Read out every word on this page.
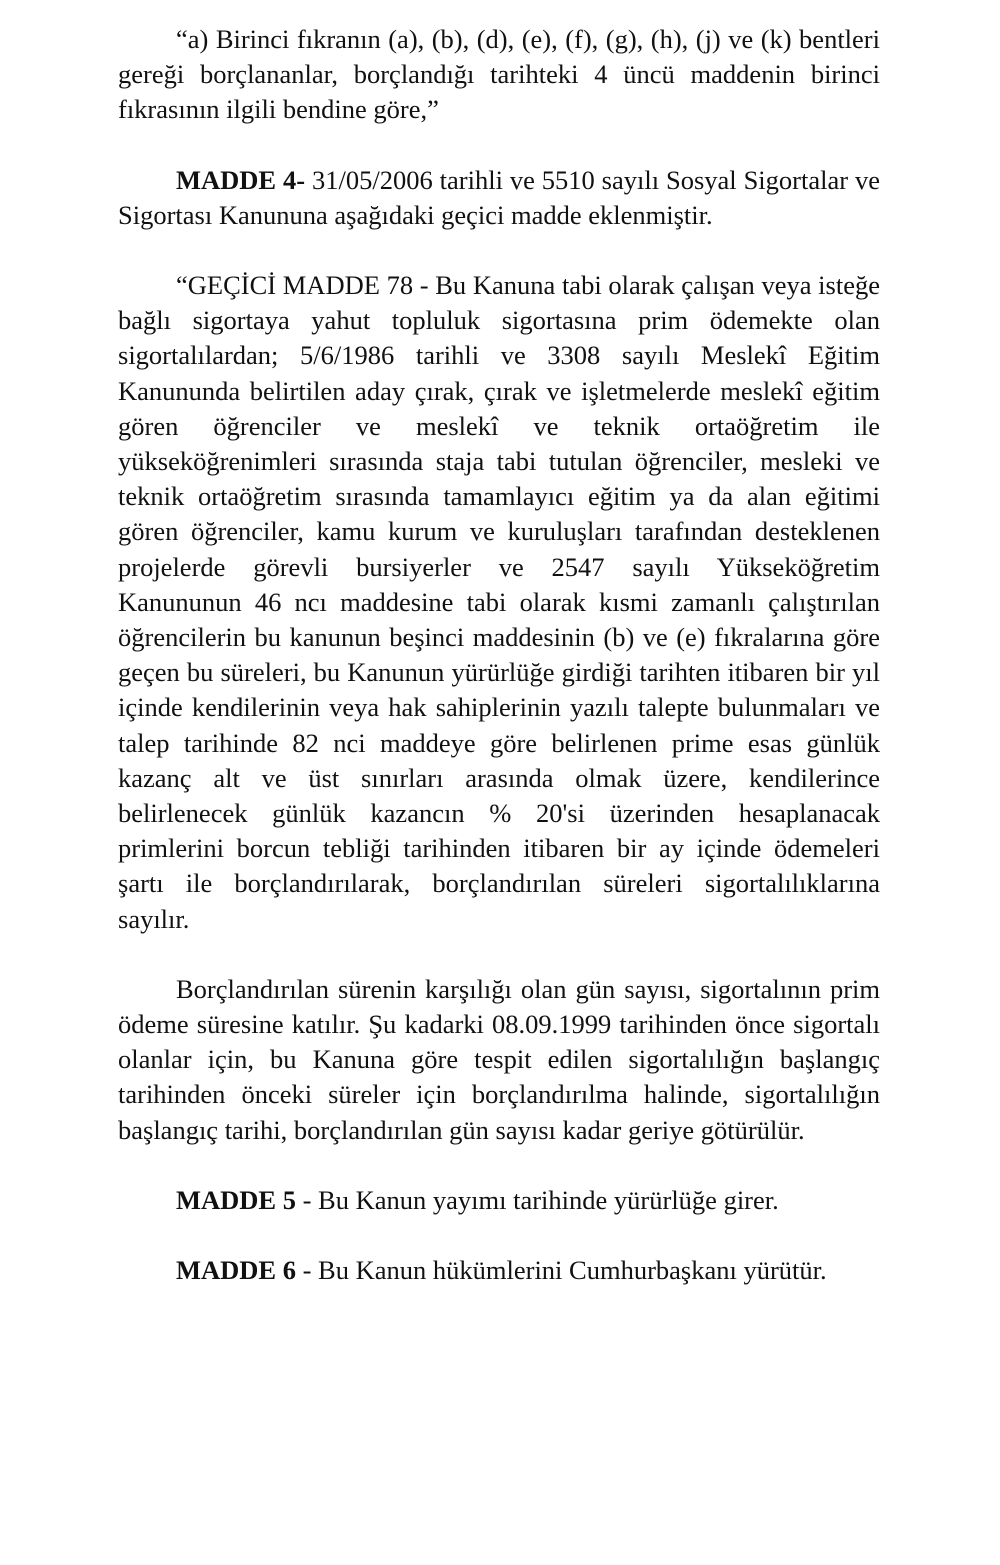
“a) Birinci fıkranın (a), (b), (d), (e), (f), (g), (h), (j) ve (k) bentleri gereği borçlananlar, borçlandığı tarihteki 4 üncü maddenin birinci fıkrasının ilgili bendine göre,”

MADDE 4- 31/05/2006 tarihli ve 5510 sayılı Sosyal Sigortalar ve Sigortası Kanununa aşağıdaki geçici madde eklenmiştir.

“GEÇİCİ MADDE 78 - Bu Kanuna tabi olarak çalışan veya isteğe bağlı sigortaya yahut topluluk sigortasına prim ödemekte olan sigortalılardan; 5/6/1986 tarihli ve 3308 sayılı Meslekî Eğitim Kanununda belirtilen aday çırak, çırak ve işletmelerde meslekî eğitim gören öğrenciler ve meslekî ve teknik ortaöğretim ile yükseköğrenimleri sırasında staja tabi tutulan öğrenciler, mesleki ve teknik ortaöğretim sırasında tamamlayıcı eğitim ya da alan eğitimi gören öğrenciler, kamu kurum ve kuruluşları tarafından desteklenen projelerde görevli bursiyerler ve 2547 sayılı Yükseköğretim Kanununun 46 ncı maddesine tabi olarak kısmi zamanlı çalıştırılan öğrencilerin bu kanunun beşinci maddesinin (b) ve (e) fıkralarına göre geçen bu süreleri, bu Kanunun yürürlüğe girdiği tarihten itibaren bir yıl içinde kendilerinin veya hak sahiplerinin yazılı talepte bulunmaları ve talep tarihinde 82 nci maddeye göre belirlenen prime esas günlük kazanç alt ve üst sınırları arasında olmak üzere, kendilerince belirlenecek günlük kazancın % 20'si üzerinden hesaplanacak primlerini borcun tebliği tarihinden itibaren bir ay içinde ödemeleri şartı ile borçlandırılarak, borçlandırılan süreleri sigortalılıklarına sayılır.

Borçlandırılan sürenin karşılığı olan gün sayısı, sigortalının prim ödeme süresine katılır. Şu kadarki 08.09.1999 tarihinden önce sigortalı olanlar için, bu Kanuna göre tespit edilen sigortalılığın başlangıç tarihinden önceki süreler için borçlandırılma halinde, sigortalılığın başlangıç tarihi, borçlandırılan gün sayısı kadar geriye götürülür.

MADDE 5 - Bu Kanun yayımı tarihinde yürürlüğe girer.

MADDE 6 - Bu Kanun hükümlerini Cumhurbaşkanı yürütür.
